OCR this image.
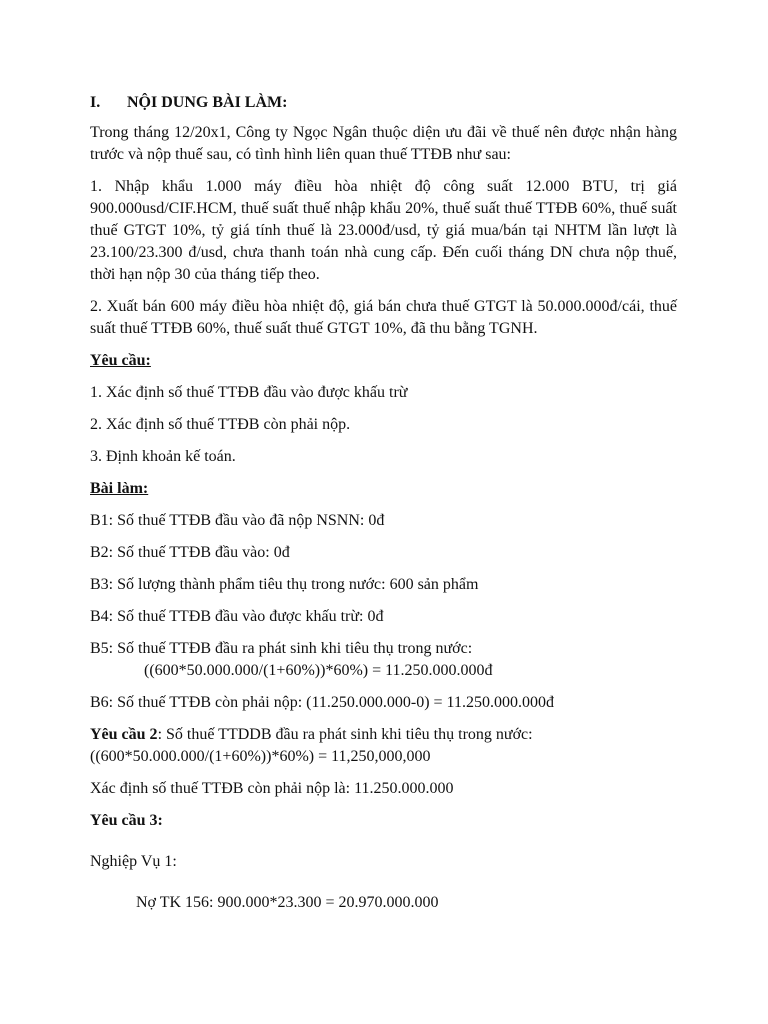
I.	NỘI DUNG BÀI LÀM:

Trong tháng 12/20x1, Công ty Ngọc Ngân thuộc diện ưu đãi về thuế nên được nhận hàng trước và nộp thuế sau, có tình hình liên quan thuế TTĐB như sau:

1. Nhập khẩu 1.000 máy điều hòa nhiệt độ công suất 12.000 BTU, trị giá 900.000usd/CIF.HCM, thuế suất thuế nhập khẩu 20%, thuế suất thuế TTĐB 60%, thuế suất thuế GTGT 10%, tỷ giá tính thuế là 23.000đ/usd, tỷ giá mua/bán tại NHTM lần lượt là 23.100/23.300 đ/usd, chưa thanh toán nhà cung cấp. Đến cuối tháng DN chưa nộp thuế, thời hạn nộp 30 của tháng tiếp theo.

2. Xuất bán 600 máy điều hòa nhiệt độ, giá bán chưa thuế GTGT là 50.000.000đ/cái, thuế suất thuế TTĐB 60%, thuế suất thuế GTGT 10%, đã thu bằng TGNH.

Yêu cầu:

1. Xác định số thuế TTĐB đầu vào được khấu trừ

2. Xác định số thuế TTĐB còn phải nộp.

3. Định khoản kế toán.

Bài làm:

B1: Số thuế TTĐB đầu vào đã nộp NSNN: 0đ

B2: Số thuế TTĐB đầu vào: 0đ

B3: Số lượng thành phẩm tiêu thụ trong nước: 600 sản phẩm

B4: Số thuế TTĐB đầu vào được khấu trừ: 0đ

B5: Số thuế TTĐB đầu ra phát sinh khi tiêu thụ trong nước:

((600*50.000.000/(1+60%))*60%) = 11.250.000.000đ

B6: Số thuế TTĐB còn phải nộp: (11.250.000.000-0) = 11.250.000.000đ

Yêu cầu 2: Số thuế TTDDB đầu ra phát sinh khi tiêu thụ trong nước:

((600*50.000.000/(1+60%))*60%) = 11,250,000,000

Xác định số thuế TTĐB còn phải nộp là: 11.250.000.000

Yêu cầu 3:

Nghiệp Vụ 1:

Nợ TK 156: 900.000*23.300 = 20.970.000.000
